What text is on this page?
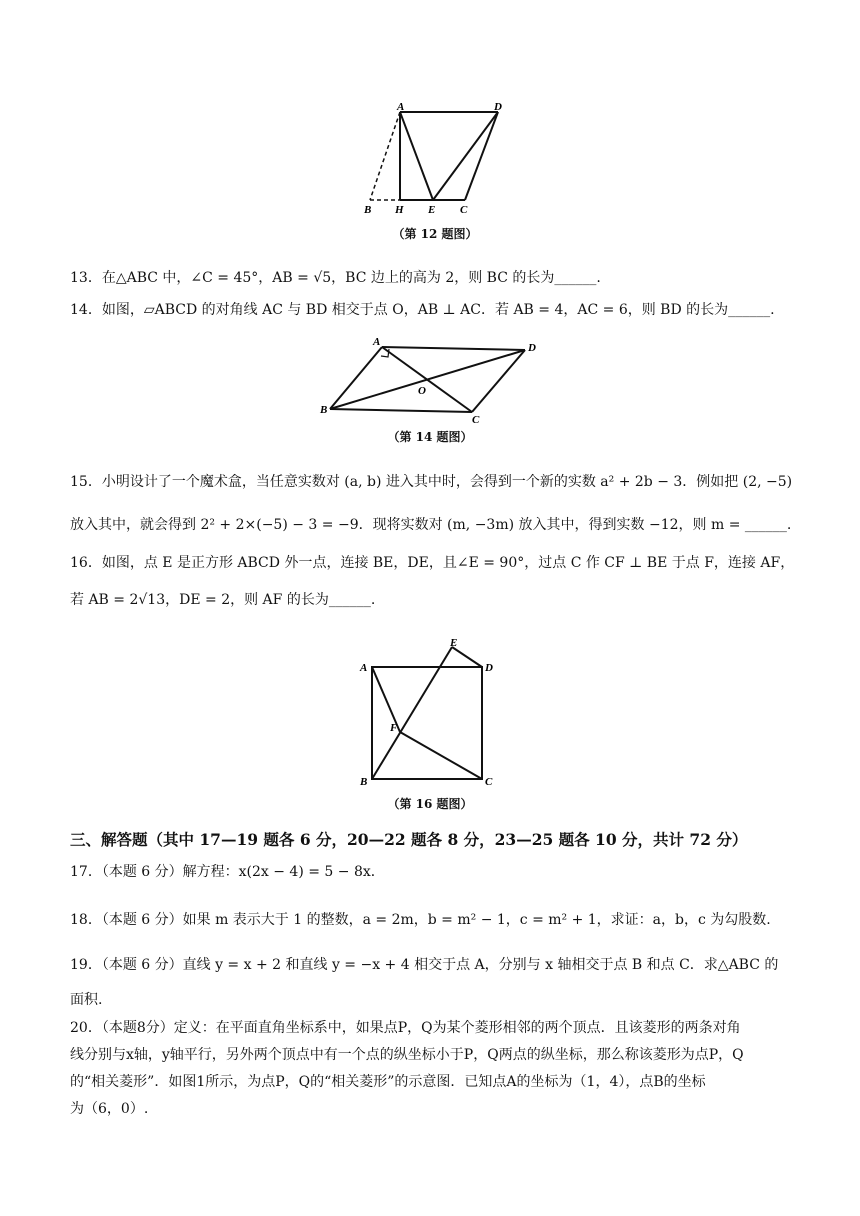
A	D
B H E C
（第 12 题图）
13．在△ABC 中，∠C = 45°，AB = √5，BC 边上的高为 2，则 BC 的长为______.
14．如图，▱ABCD 的对角线 AC 与 BD 相交于点 O，AB ⊥ AC．若 AB = 4，AC = 6，则 BD 的长为______.
A	D
O
B
C
（第 14 题图）
15．小明设计了一个魔术盒，当任意实数对 (a, b) 进入其中时，会得到一个新的实数 a² + 2b − 3．例如把 (2, −5)
放入其中，就会得到 2² + 2×(−5) − 3 = −9．现将实数对 (m, −3m) 放入其中，得到实数 −12，则 m = ______.
16．如图，点 E 是正方形 ABCD 外一点，连接 BE，DE，且∠E = 90°，过点 C 作 CF ⊥ BE 于点 F，连接 AF，
若 AB = 2√13，DE = 2，则 AF 的长为______.
E
A	D
F
B	C
（第 16 题图）
三、解答题（其中 17—19 题各 6 分，20—22 题各 8 分，23—25 题各 10 分，共计 72 分）
17．（本题 6 分）解方程：x(2x − 4) = 5 − 8x．
18．（本题 6 分）如果 m 表示大于 1 的整数，a = 2m，b = m² − 1，c = m² + 1，求证：a，b，c 为勾股数.
19．（本题 6 分）直线 y = x + 2 和直线 y = −x + 4 相交于点 A，分别与 x 轴相交于点 B 和点 C．求△ABC 的
面积.
20．（本题8分）定义：在平面直角坐标系中，如果点P，Q为某个菱形相邻的两个顶点．且该菱形的两条对角
线分别与x轴，y轴平行，另外两个顶点中有一个点的纵坐标小于P，Q两点的纵坐标，那么称该菱形为点P，Q
的“相关菱形”．如图1所示，为点P，Q的“相关菱形”的示意图．已知点A的坐标为（1，4），点B的坐标
为（6，0）.
